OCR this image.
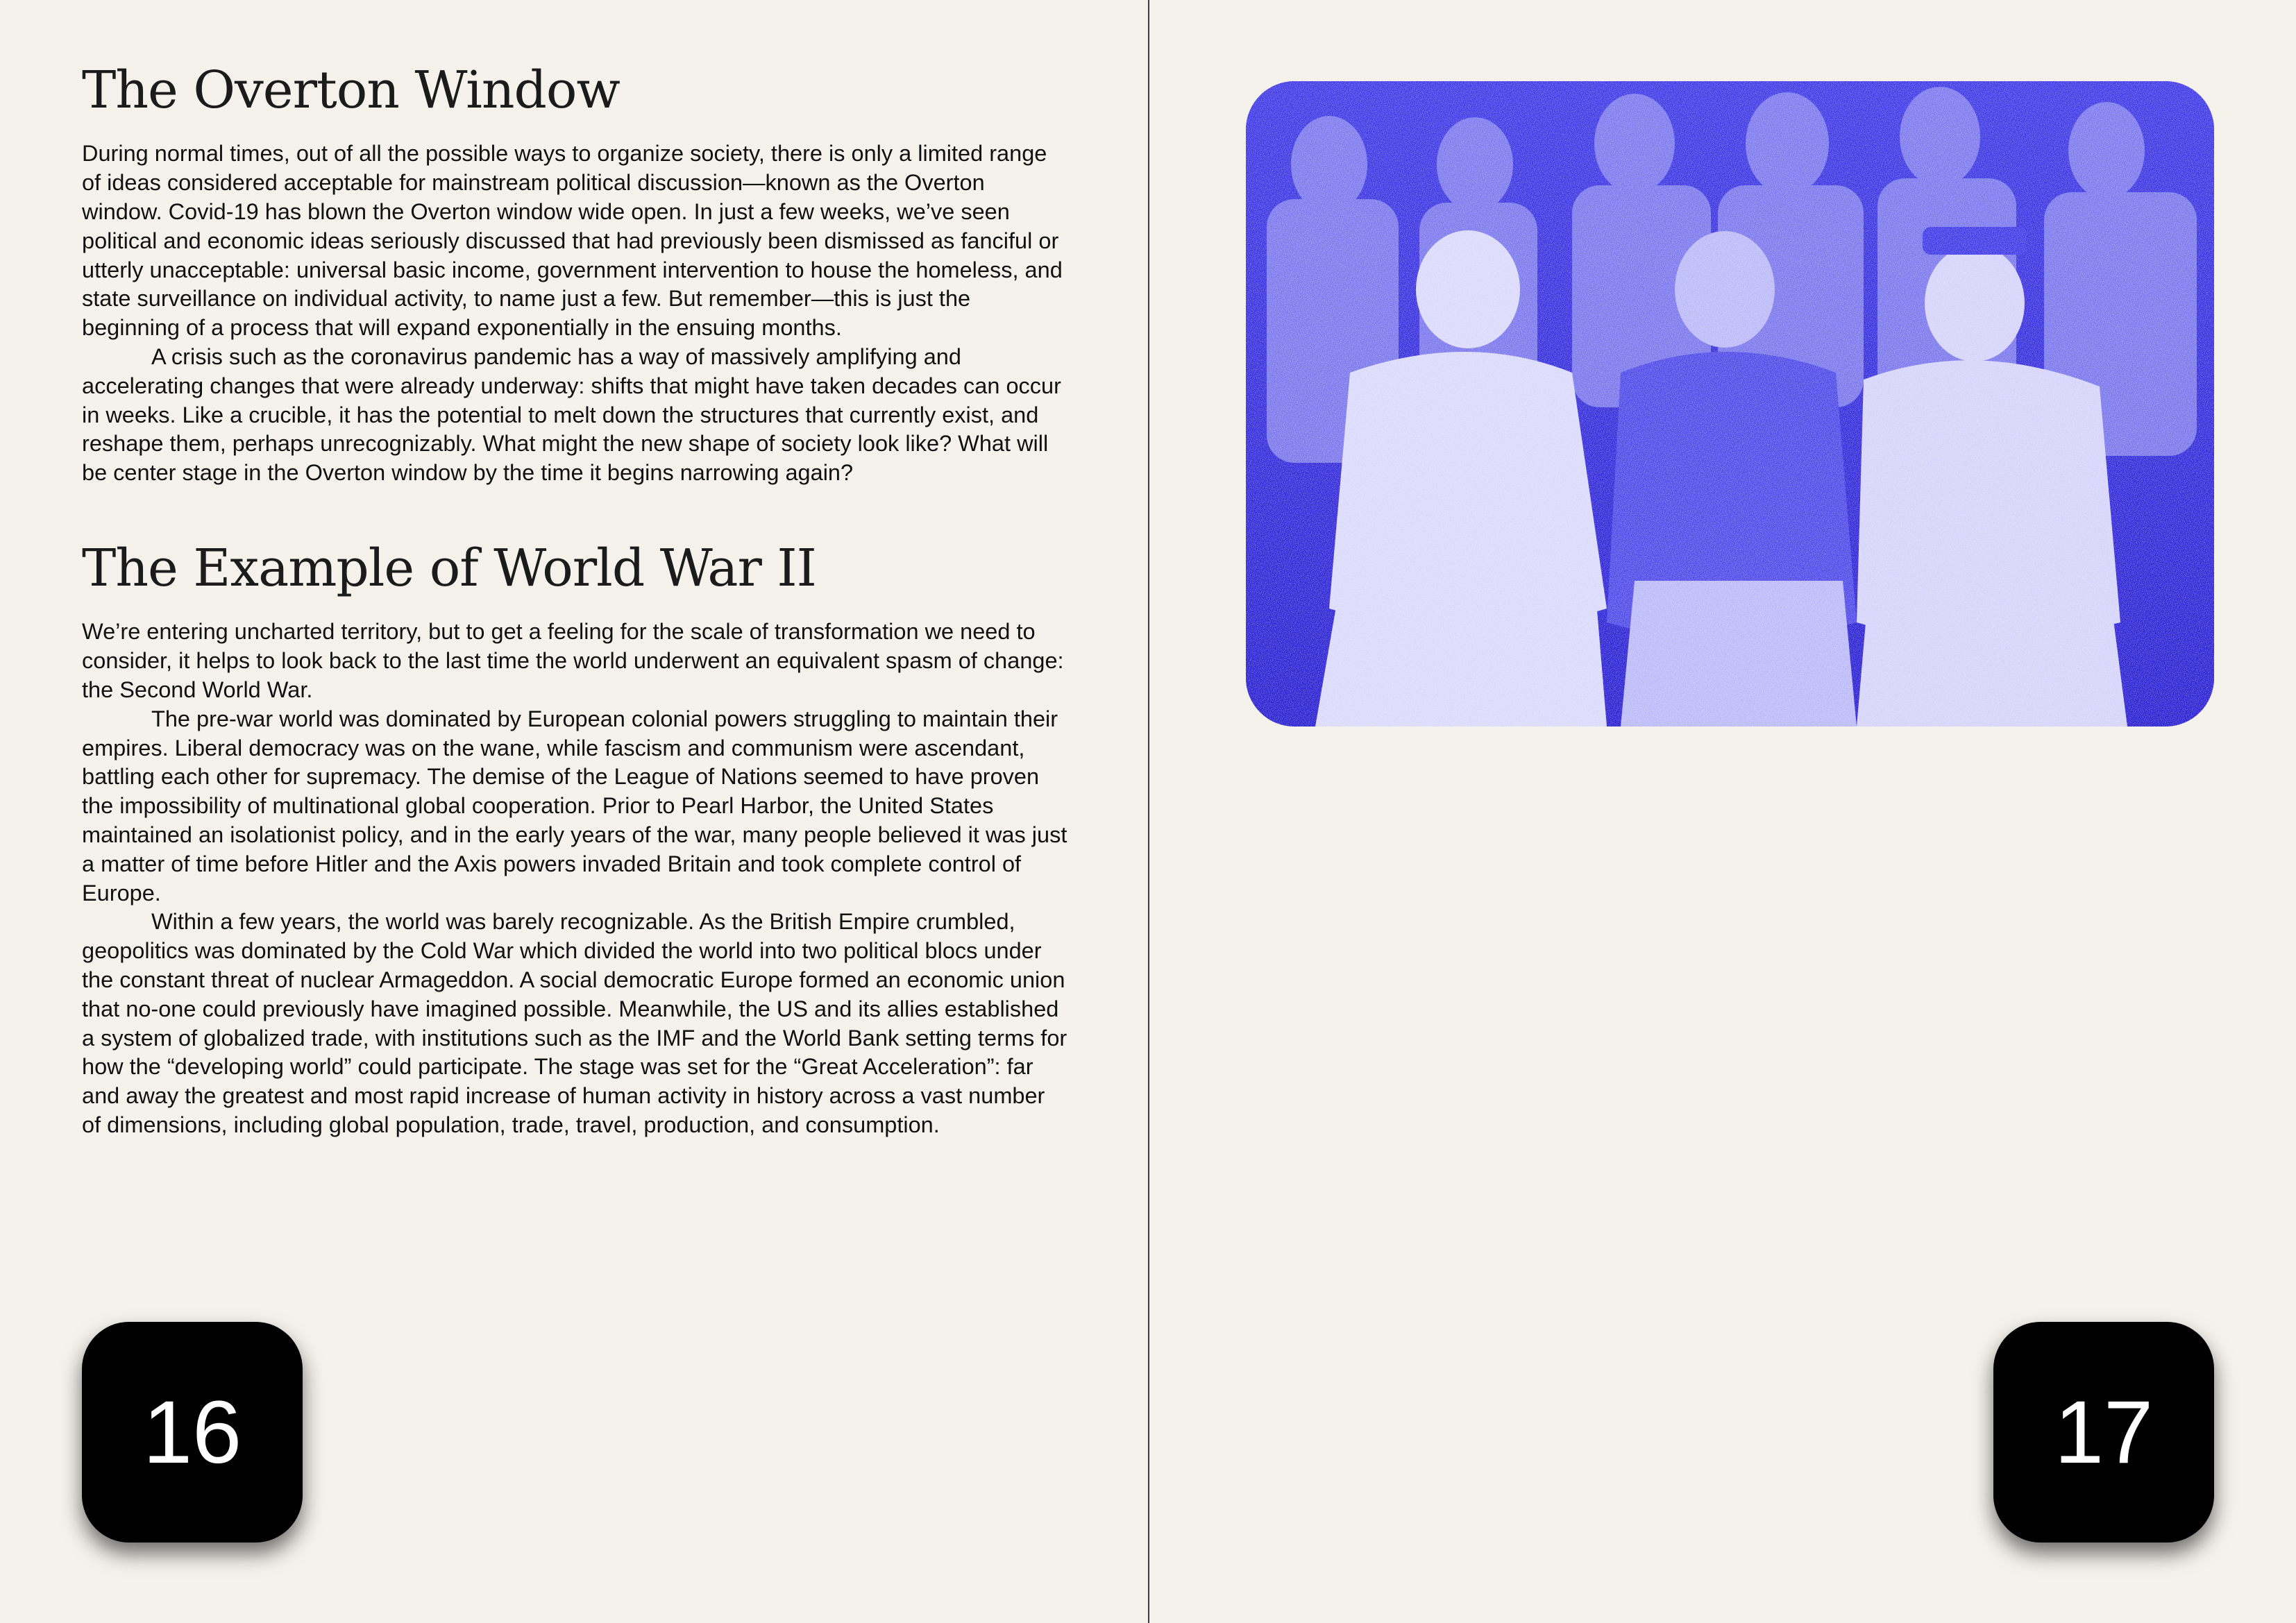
The Overton Window

During normal times, out of all the possible ways to organize society, there is only a limited range of ideas considered acceptable for mainstream political discussion—known as the Overton window. Covid-19 has blown the Overton window wide open. In just a few weeks, we’ve seen political and economic ideas seriously discussed that had previously been dismissed as fanciful or utterly unacceptable: universal basic income, government intervention to house the homeless, and state surveillance on individual activity, to name just a few. But remember—this is just the beginning of a process that will expand exponentially in the ensuing months.

A crisis such as the coronavirus pandemic has a way of massively amplifying and accelerating changes that were already underway: shifts that might have taken decades can occur in weeks. Like a crucible, it has the potential to melt down the structures that currently exist, and reshape them, perhaps unrecognizably. What might the new shape of society look like? What will be center stage in the Overton window by the time it begins narrowing again?

The Example of World War II

We’re entering uncharted territory, but to get a feeling for the scale of transformation we need to consider, it helps to look back to the last time the world underwent an equivalent spasm of change: the Second World War.

The pre-war world was dominated by European colonial powers struggling to maintain their empires. Liberal democracy was on the wane, while fascism and communism were ascendant, battling each other for supremacy. The demise of the League of Nations seemed to have proven the impossibility of multinational global cooperation. Prior to Pearl Harbor, the United States maintained an isolationist policy, and in the early years of the war, many people believed it was just a matter of time before Hitler and the Axis powers invaded Britain and took complete control of Europe.

Within a few years, the world was barely recognizable. As the British Empire crumbled, geopolitics was dominated by the Cold War which divided the world into two political blocs under the constant threat of nuclear Armageddon. A social democratic Europe formed an economic union that no-one could previously have imagined possible. Meanwhile, the US and its allies established a system of globalized trade, with institutions such as the IMF and the World Bank setting terms for how the “developing world” could participate. The stage was set for the “Great Acceleration”: far and away the greatest and most rapid increase of human activity in history across a vast number of dimensions, including global population, trade, travel, production, and consumption.

16	17
